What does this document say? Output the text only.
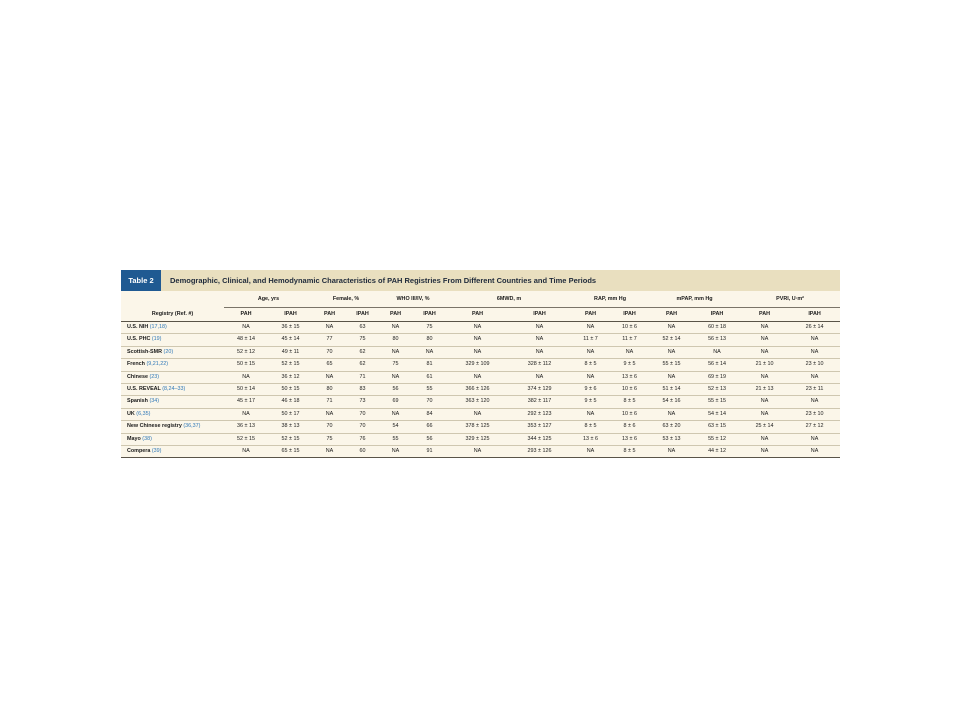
Table 2	Demographic, Clinical, and Hemodynamic Characteristics of PAH Registries From Different Countries and Time Periods
	Age, yrs		Female, %		WHO III/IV, %		6MWD, m		RAP, mm Hg		mPAP, mm Hg		PVRI, U·m²	
Registry (Ref. #)	PAH	IPAH	PAH	IPAH	PAH	IPAH	PAH	IPAH	PAH	IPAH	PAH	IPAH	PAH	IPAH
U.S. NIH (17,18)	NA	36 ± 15	NA	63	NA	75	NA	NA	NA	10 ± 6	NA	60 ± 18	NA	26 ± 14
U.S. PHC (19)	48 ± 14	45 ± 14	77	75	80	80	NA	NA	11 ± 7	11 ± 7	52 ± 14	56 ± 13	NA	NA
Scottish-SMR (20)	52 ± 12	49 ± 11	70	62	NA	NA	NA	NA	NA	NA	NA	NA	NA	NA
French (9,21,22)	50 ± 15	52 ± 15	65	62	75	81	329 ± 109	328 ± 112	8 ± 5	9 ± 5	55 ± 15	56 ± 14	21 ± 10	23 ± 10
Chinese (23)	NA	36 ± 12	NA	71	NA	61	NA	NA	NA	13 ± 6	NA	69 ± 19	NA	NA
U.S. REVEAL (8,24–33)	50 ± 14	50 ± 15	80	83	56	55	366 ± 126	374 ± 129	9 ± 6	10 ± 6	51 ± 14	52 ± 13	21 ± 13	23 ± 11
Spanish (34)	45 ± 17	46 ± 18	71	73	69	70	363 ± 120	382 ± 117	9 ± 5	8 ± 5	54 ± 16	55 ± 15	NA	NA
UK (6,35)	NA	50 ± 17	NA	70	NA	84	NA	292 ± 123	NA	10 ± 6	NA	54 ± 14	NA	23 ± 10
New Chinese registry (36,37)	36 ± 13	38 ± 13	70	70	54	66	378 ± 125	353 ± 127	8 ± 5	8 ± 6	63 ± 20	63 ± 15	25 ± 14	27 ± 12
Mayo (38)	52 ± 15	52 ± 15	75	76	55	56	329 ± 125	344 ± 125	13 ± 6	13 ± 6	53 ± 13	55 ± 12	NA	NA
Compera (39)	NA	65 ± 15	NA	60	NA	91	NA	293 ± 126	NA	8 ± 5	NA	44 ± 12	NA	NA
